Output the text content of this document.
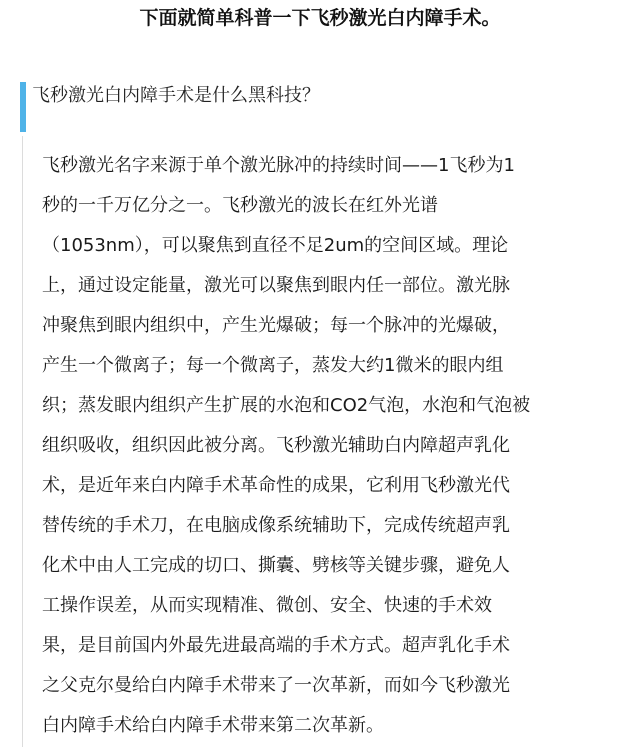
下面就简单科普一下飞秒激光白内障手术。
飞秒激光白内障手术是什么黑科技？
飞秒激光名字来源于单个激光脉冲的持续时间——1飞秒为1
秒的一千万亿分之一。飞秒激光的波长在红外光谱
（1053nm），可以聚焦到直径不足2um的空间区域。理论
上，通过设定能量，激光可以聚焦到眼内任一部位。激光脉
冲聚焦到眼内组织中，产生光爆破；每一个脉冲的光爆破，
产生一个微离子；每一个微离子，蒸发大约1微米的眼内组
织；蒸发眼内组织产生扩展的水泡和CO2气泡，水泡和气泡被
组织吸收，组织因此被分离。飞秒激光辅助白内障超声乳化
术，是近年来白内障手术革命性的成果，它利用飞秒激光代
替传统的手术刀，在电脑成像系统辅助下，完成传统超声乳
化术中由人工完成的切口、撕囊、劈核等关键步骤，避免人
工操作误差，从而实现精准、微创、安全、快速的手术效
果，是目前国内外最先进最高端的手术方式。超声乳化手术
之父克尔曼给白内障手术带来了一次革新，而如今飞秒激光
白内障手术给白内障手术带来第二次革新。
